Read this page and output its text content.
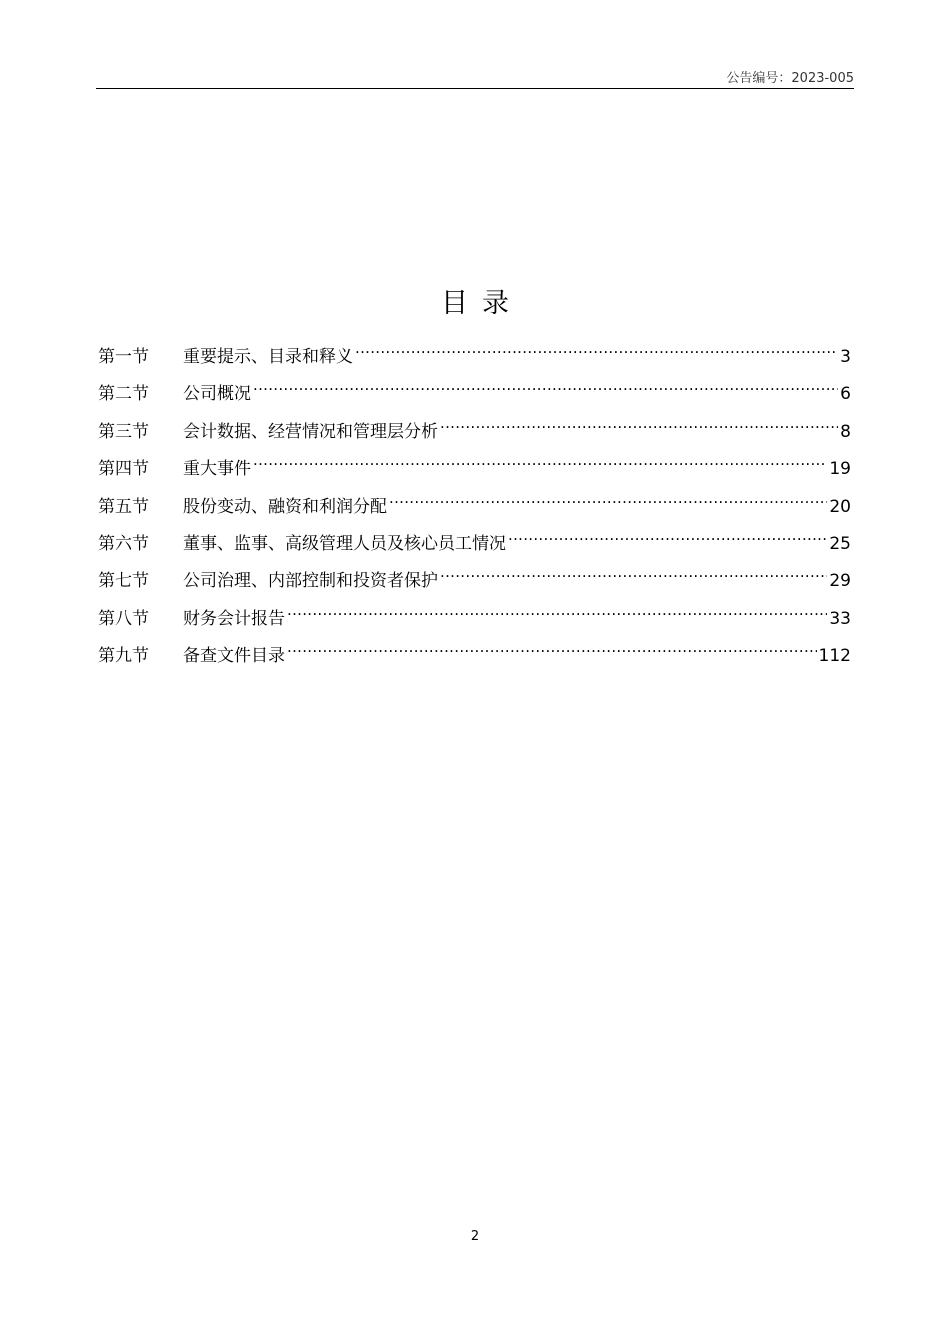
公告编号：2023-005
目录
第一节	重要提示、目录和释义 .....	3
第二节	公司概况 .....	6
第三节	会计数据、经营情况和管理层分析 .....	8
第四节	重大事件 .....	19
第五节	股份变动、融资和利润分配 .....	20
第六节	董事、监事、高级管理人员及核心员工情况 .....	25
第七节	公司治理、内部控制和投资者保护 .....	29
第八节	财务会计报告 .....	33
第九节	备查文件目录 .....	112
2
